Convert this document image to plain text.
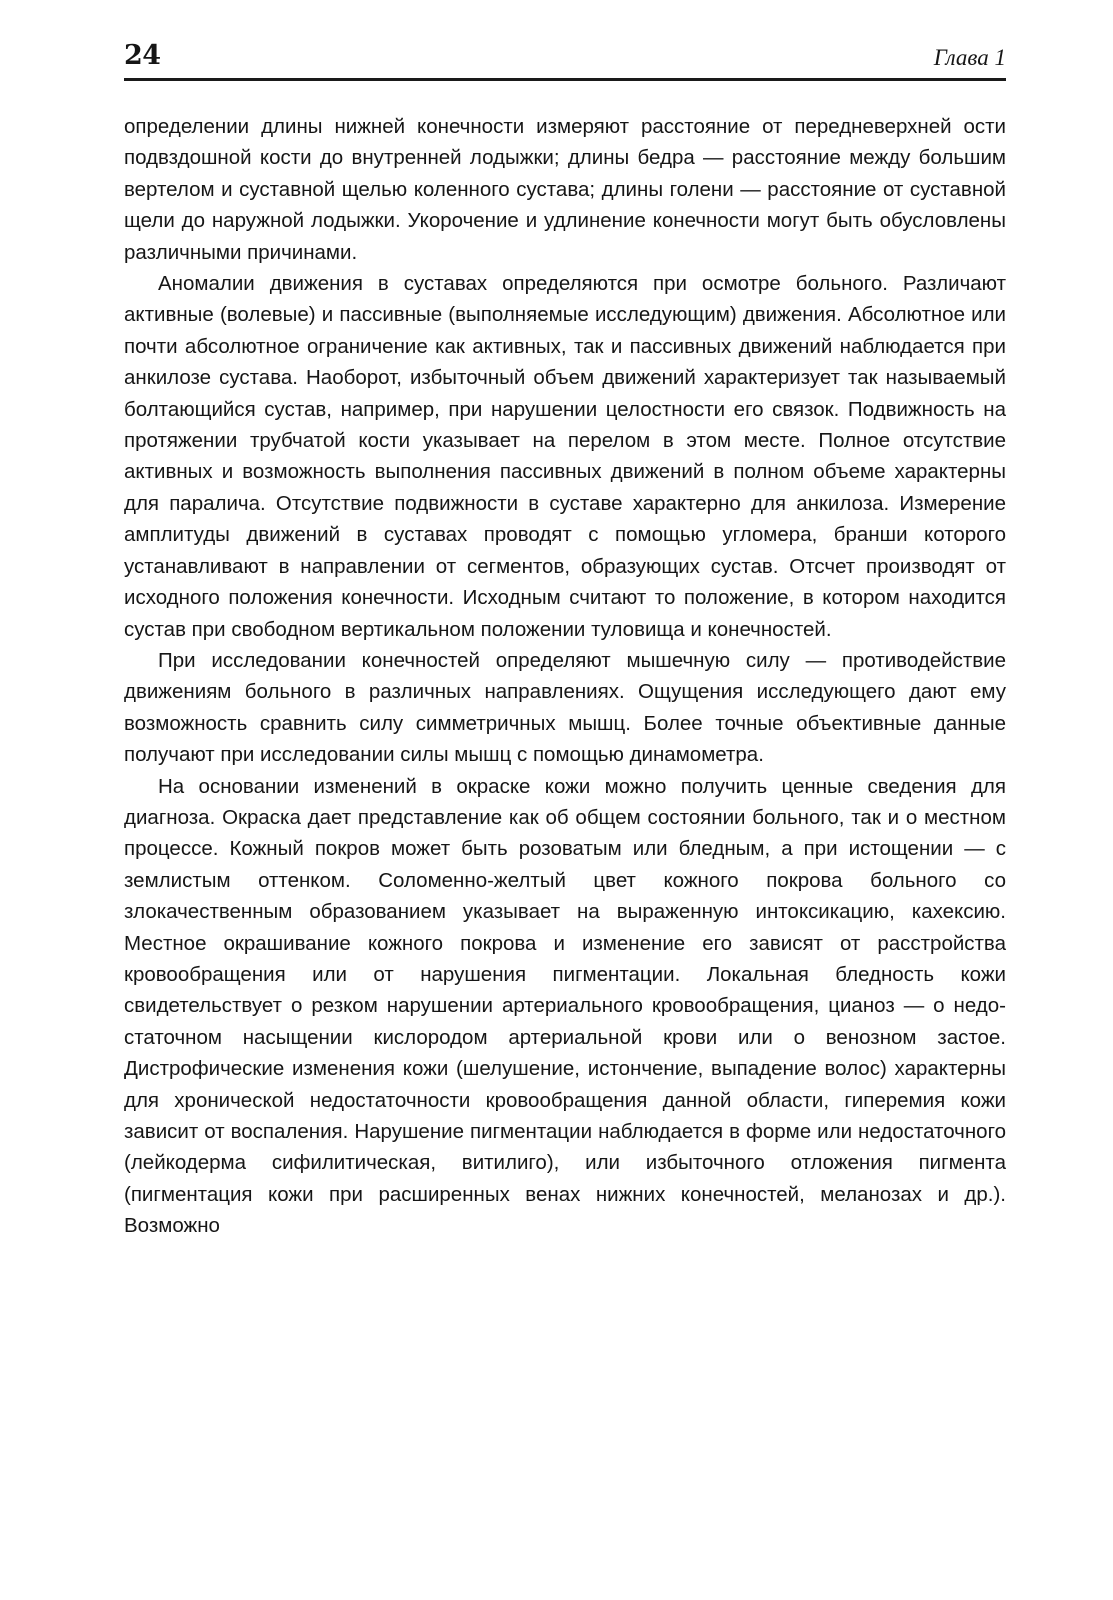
24	Глава 1

определении длины нижней конечности измеряют расстояние от передневерхней ости подвздошной кости до внутренней лодыжки; длины бедра — расстояние между большим вертелом и суставной щелью коленного сустава; длины голени — расстояние от суставной щели до наружной лодыжки. Укорочение и удлинение конечности могут быть обусловлены различными причинами.

Аномалии движения в суставах определяются при осмотре больного. Различают активные (волевые) и пассивные (выполняемые исследующим) движения. Абсолютное или почти абсолютное ограничение как активных, так и пассивных движений наблюдается при анкилозе сустава. Наоборот, избыточный объем движений характеризует так называемый болтающийся сустав, например, при нарушении целостности его связок. Подвижность на протяжении трубчатой кости указывает на перелом в этом месте. Полное отсутствие активных и возможность выполнения пассивных движений в полном объеме характерны для паралича. Отсутствие подвижности в суставе характерно для анкилоза. Измерение амплитуды движений в суставах проводят с помощью угломера, бранши которого устанавливают в направлении от сегментов, образующих сустав. Отсчет производят от исходного положения конечности. Исходным считают то положение, в котором находится сустав при свободном вертикальном положении туловища и конечностей.

При исследовании конечностей определяют мышечную силу — противодействие движениям больного в различных направлениях. Ощущения исследующего дают ему возможность сравнить силу симметричных мышц. Более точные объективные данные получают при исследовании силы мышц с помощью динамометра.

На основании изменений в окраске кожи можно получить ценные сведения для диагноза. Окраска дает представление как об общем состоянии больного, так и о местном процессе. Кожный покров может быть розоватым или бледным, а при истощении — с землистым оттенком. Соломенно-желтый цвет кожного покрова больного со злокачественным образованием указывает на выраженную интоксикацию, кахексию. Местное окрашивание кожного покрова и изменение его зависят от расстройства кровообращения или от нарушения пигментации. Локальная бледность кожи свидетельствует о резком нарушении артериального кровообращения, цианоз — о недостаточном насыщении кислородом артериальной крови или о венозном застое. Дистрофические изменения кожи (шелушение, истончение, выпадение волос) характерны для хронической недостаточности кровообращения данной области, гиперемия кожи зависит от воспаления. Нарушение пигментации наблюдается в форме или недостаточного (лейкодерма сифилитическая, витилиго), или избыточного отложения пигмента (пигментация кожи при расширенных венах нижних конечностей, меланозах и др.). Возможно
